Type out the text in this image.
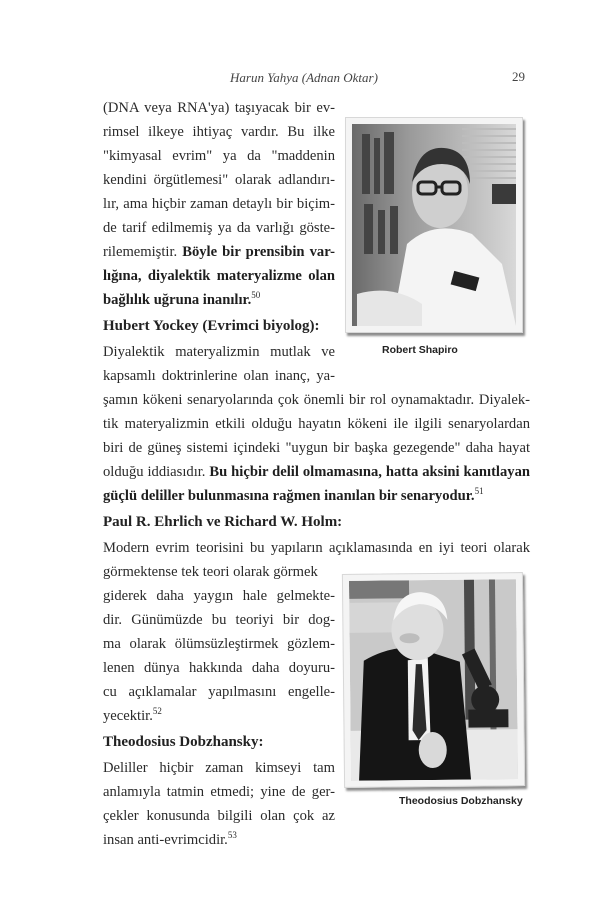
Harun Yahya (Adnan Oktar)	29
(DNA veya RNA'ya) taşıyacak bir ev-
rimsel ilkeye ihtiyaç vardır. Bu ilke
"kimyasal evrim" ya da "maddenin
kendini örgütlemesi" olarak adlandırı-
lır, ama hiçbir zaman detaylı bir biçim-
de tarif edilmemiş ya da varlığı göste-
rilememiştir. Böyle bir prensibin var-
lığına, diyalektik materyalizme olan
bağlılık uğruna inanılır.$^{50}$
Hubert Yockey (Evrimci biyolog):
Diyalektik materyalizmin mutlak ve
kapsamlı doktrinlerine olan inanç, ya-
şamın kökeni senaryolarında çok önemli bir rol oynamaktadır. Diyalek-
tik materyalizmin etkili olduğu hayatın kökeni ile ilgili senaryolardan
biri de güneş sistemi içindeki "uygun bir başka gezegende" daha hayat
olduğu iddiasıdır. Bu hiçbir delil olmamasına, hatta aksini kanıtlayan
güçlü deliller bulunmasına rağmen inanılan bir senaryodur.$^{51}$
Paul R. Ehrlich ve Richard W. Holm:
Modern evrim teorisini bu yapıların açıklamasında en iyi teori olarak
görmektense tek teori olarak görmek
giderek daha yaygın hale gelmekte-
dir. Günümüzde bu teoriyi bir dog-
ma olarak ölümsüzleştirmek gözlem-
lenen dünya hakkında daha doyuru-
cu açıklamalar yapılmasını engelle-
yecektir.$^{52}$
Theodosius Dobzhansky:
Deliller hiçbir zaman kimseyi tam
anlamıyla tatmin etmedi; yine de ger-
çekler konusunda bilgili olan çok az
insan anti-evrimcidir.$^{53}$
Robert Shapiro
Theodosius Dobzhansky
